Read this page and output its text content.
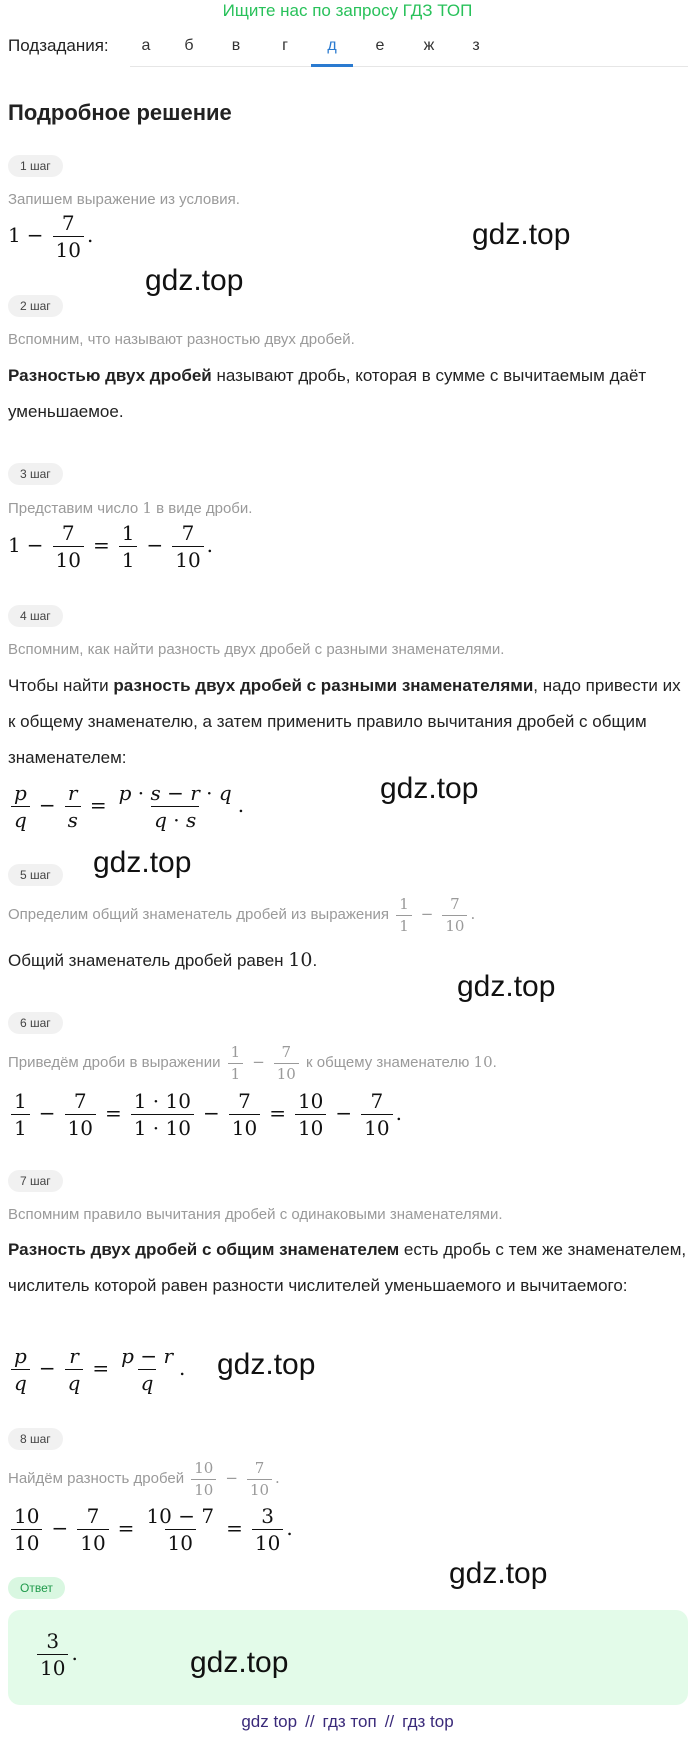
Ищите нас по запросу ГДЗ ТОП
Подзадания:	а	б	в	г	д	е	ж	з
Подробное решение
1 шаг
Запишем выражение из условия.
$1 - \frac{7}{10}$ .
2 шаг
Вспомним, что называют разностью двух дробей.
Разностью двух дробей называют дробь, которая в сумме с вычитаемым даёт уменьшаемое.
3 шаг
Представим число 1 в виде дроби.
$1 - \frac{7}{10} = \frac{1}{1} - \frac{7}{10}$ .
4 шаг
Вспомним, как найти разность двух дробей с разными знаменателями.
Чтобы найти разность двух дробей с разными знаменателями, надо привести их к общему знаменателю, а затем применить правило вычитания дробей с общим знаменателем:
$\frac{p}{q} - \frac{r}{s} = \frac{p \cdot s - r \cdot q}{q \cdot s}$ .
5 шаг
Определим общий знаменатель дробей из выражения $\frac{1}{1} - \frac{7}{10}$ .
Общий знаменатель дробей равен 10.
6 шаг
Приведём дроби в выражении $\frac{1}{1} - \frac{7}{10}$ к общему знаменателю 10.
$\frac{1}{1} - \frac{7}{10} = \frac{1 \cdot 10}{1 \cdot 10} - \frac{7}{10} = \frac{10}{10} - \frac{7}{10}$ .
7 шаг
Вспомним правило вычитания дробей с одинаковыми знаменателями.
Разность двух дробей с общим знаменателем есть дробь с тем же знаменателем, числитель которой равен разности числителей уменьшаемого и вычитаемого:
$\frac{p}{q} - \frac{r}{q} = \frac{p - r}{q}$ .
8 шаг
Найдём разность дробей $\frac{10}{10} - \frac{7}{10}$ .
$\frac{10}{10} - \frac{7}{10} = \frac{10 - 7}{10} = \frac{3}{10}$ .
Ответ
$\frac{3}{10}$ .
gdz.top
gdz.top
gdz.top
gdz.top
gdz.top
gdz.top
gdz.top
gdz.top
gdz top // гдз топ // гдз top
